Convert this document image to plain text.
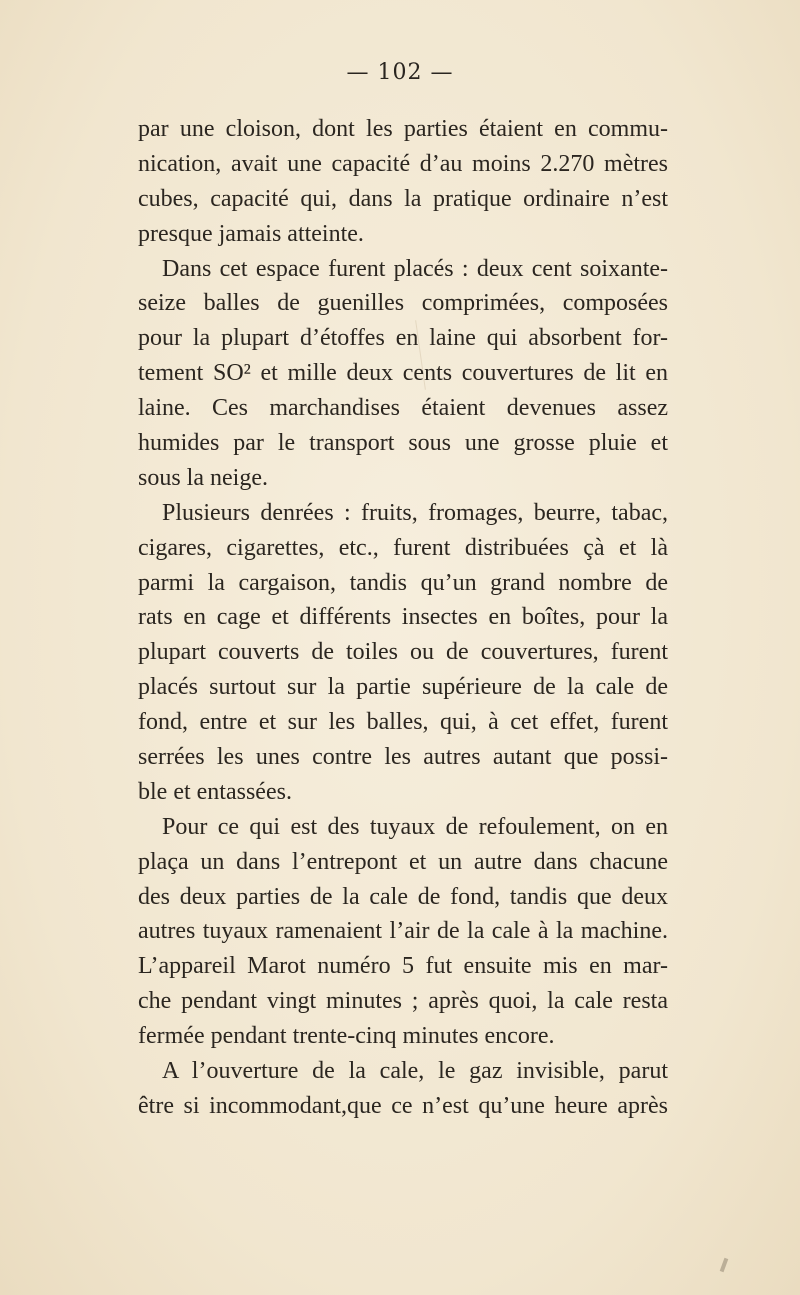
— 102 —
par une cloison, dont les parties étaient en commu-
nication, avait une capacité d’au moins 2.270 mètres
cubes, capacité qui, dans la pratique ordinaire n’est
presque jamais atteinte.
Dans cet espace furent placés : deux cent soixante-
seize balles de guenilles comprimées, composées
pour la plupart d’étoffes en laine qui absorbent for-
tement SO² et mille deux cents couvertures de lit en
laine. Ces marchandises étaient devenues assez
humides par le transport sous une grosse pluie et
sous la neige.
Plusieurs denrées : fruits, fromages, beurre, tabac,
cigares, cigarettes, etc., furent distribuées çà et là
parmi la cargaison, tandis qu’un grand nombre de
rats en cage et différents insectes en boîtes, pour la
plupart couverts de toiles ou de couvertures, furent
placés surtout sur la partie supérieure de la cale de
fond, entre et sur les balles, qui, à cet effet, furent
serrées les unes contre les autres autant que possi-
ble et entassées.
Pour ce qui est des tuyaux de refoulement, on en
plaça un dans l’entrepont et un autre dans chacune
des deux parties de la cale de fond, tandis que deux
autres tuyaux ramenaient l’air de la cale à la machine.
L’appareil Marot numéro 5 fut ensuite mis en mar-
che pendant vingt minutes ; après quoi, la cale resta
fermée pendant trente-cinq minutes encore.
A l’ouverture de la cale, le gaz invisible, parut
être si incommodant,que ce n’est qu’une heure après
